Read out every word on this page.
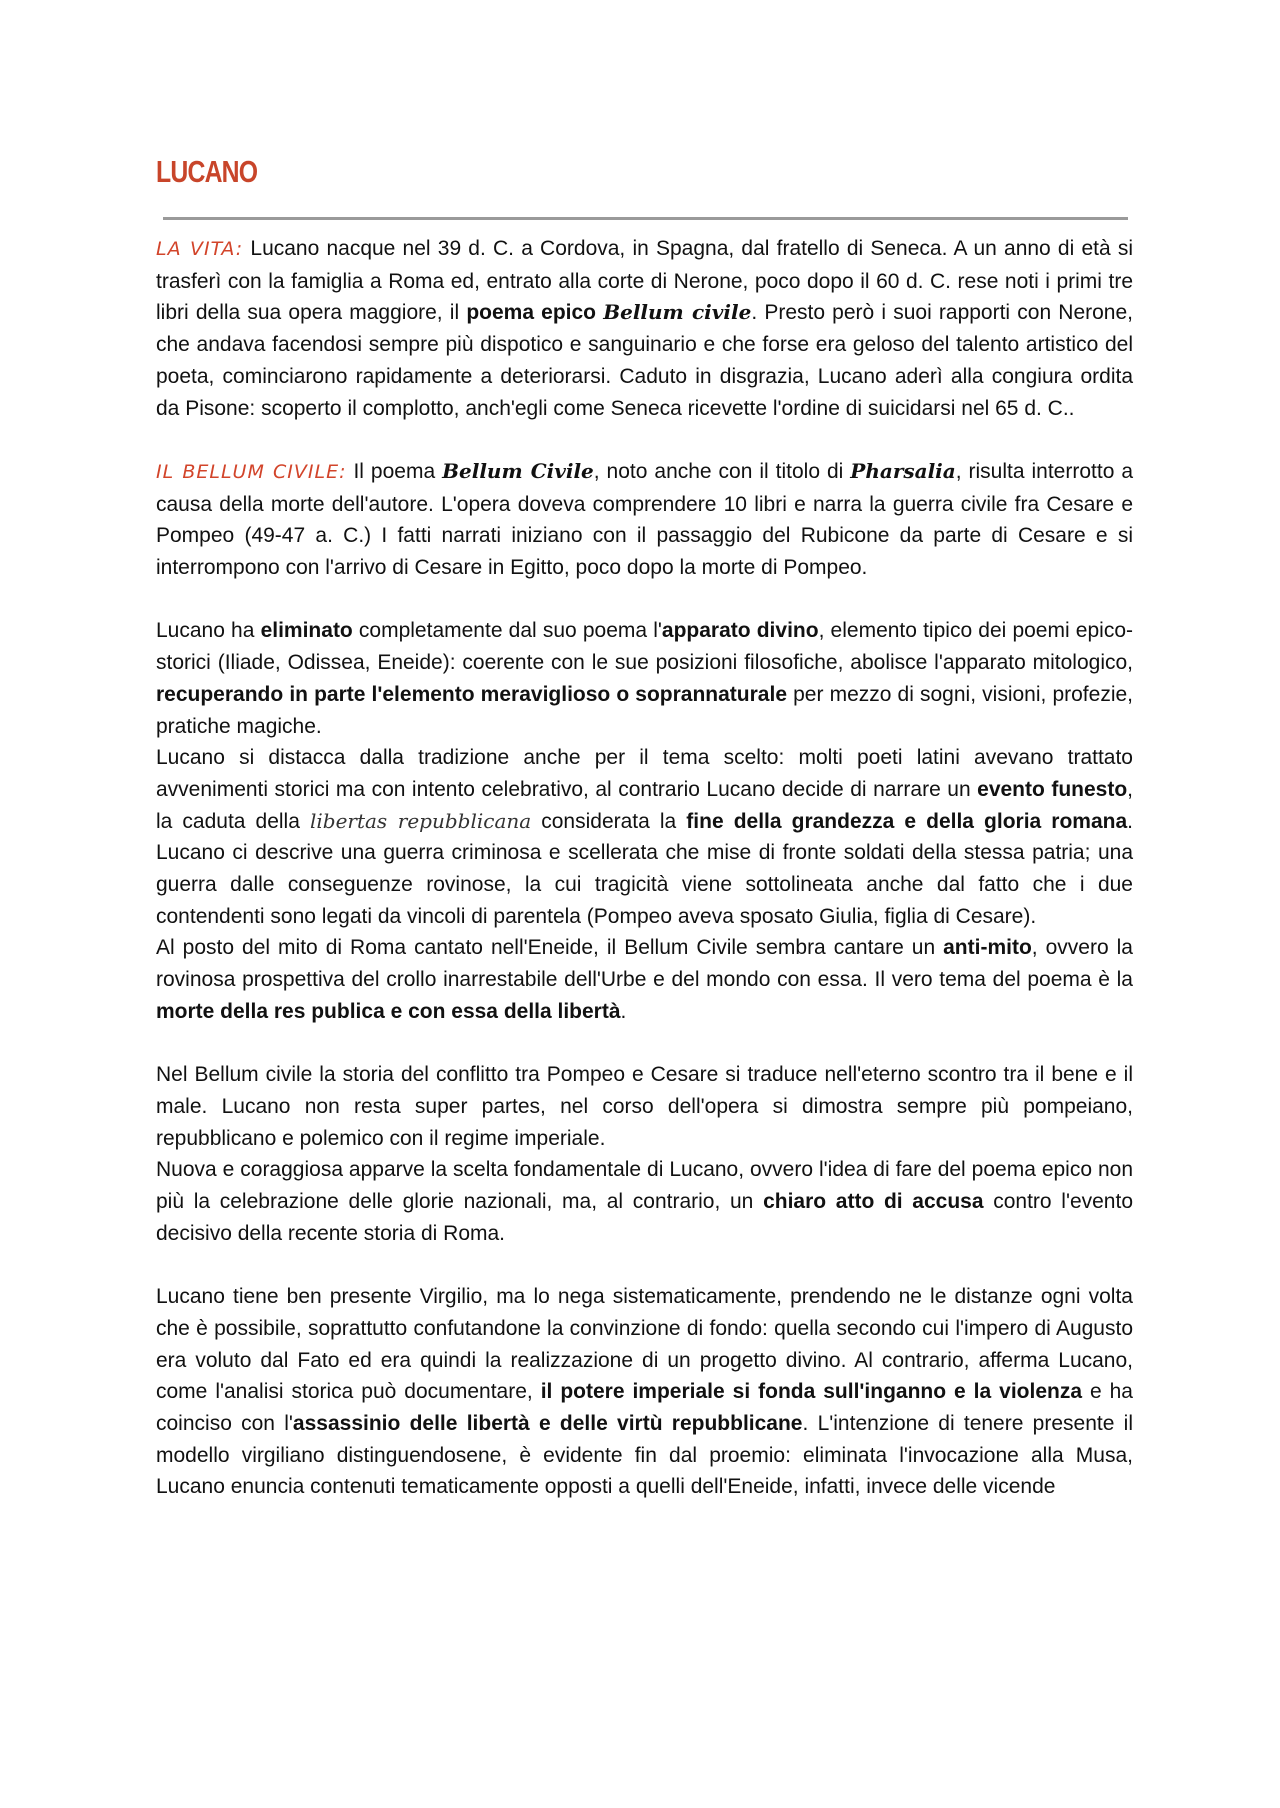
LUCANO

LA VITA: Lucano nacque nel 39 d. C. a Cordova, in Spagna, dal fratello di Seneca. A un anno di età si trasferì con la famiglia a Roma ed, entrato alla corte di Nerone, poco dopo il 60 d. C. rese noti i primi tre libri della sua opera maggiore, il poema epico Bellum civile. Presto però i suoi rapporti con Nerone, che andava facendosi sempre più dispotico e sanguinario e che forse era geloso del talento artistico del poeta, cominciarono rapidamente a deteriorarsi. Caduto in disgrazia, Lucano aderì alla congiura ordita da Pisone: scoperto il complotto, anch'egli come Seneca ricevette l'ordine di suicidarsi nel 65 d. C..

IL BELLUM CIVILE: Il poema Bellum Civile, noto anche con il titolo di Pharsalia, risulta interrotto a causa della morte dell'autore. L'opera doveva comprendere 10 libri e narra la guerra civile fra Cesare e Pompeo (49-47 a. C.) I fatti narrati iniziano con il passaggio del Rubicone da parte di Cesare e si interrompono con l'arrivo di Cesare in Egitto, poco dopo la morte di Pompeo.

Lucano ha eliminato completamente dal suo poema l'apparato divino, elemento tipico dei poemi epico-storici (Iliade, Odissea, Eneide): coerente con le sue posizioni filosofiche, abolisce l'apparato mitologico, recuperando in parte l'elemento meraviglioso o soprannaturale per mezzo di sogni, visioni, profezie, pratiche magiche.

Lucano si distacca dalla tradizione anche per il tema scelto: molti poeti latini avevano trattato avvenimenti storici ma con intento celebrativo, al contrario Lucano decide di narrare un evento funesto, la caduta della libertas repubblicana considerata la fine della grandezza e della gloria romana. Lucano ci descrive una guerra criminosa e scellerata che mise di fronte soldati della stessa patria; una guerra dalle conseguenze rovinose, la cui tragicità viene sottolineata anche dal fatto che i due contendenti sono legati da vincoli di parentela (Pompeo aveva sposato Giulia, figlia di Cesare).

Al posto del mito di Roma cantato nell'Eneide, il Bellum Civile sembra cantare un anti-mito, ovvero la rovinosa prospettiva del crollo inarrestabile dell'Urbe e del mondo con essa. Il vero tema del poema è la morte della res publica e con essa della libertà.

Nel Bellum civile la storia del conflitto tra Pompeo e Cesare si traduce nell'eterno scontro tra il bene e il male. Lucano non resta super partes, nel corso dell'opera si dimostra sempre più pompeiano, repubblicano e polemico con il regime imperiale.

Nuova e coraggiosa apparve la scelta fondamentale di Lucano, ovvero l'idea di fare del poema epico non più la celebrazione delle glorie nazionali, ma, al contrario, un chiaro atto di accusa contro l'evento decisivo della recente storia di Roma.

Lucano tiene ben presente Virgilio, ma lo nega sistematicamente, prendendo ne le distanze ogni volta che è possibile, soprattutto confutandone la convinzione di fondo: quella secondo cui l'impero di Augusto era voluto dal Fato ed era quindi la realizzazione di un progetto divino. Al contrario, afferma Lucano, come l'analisi storica può documentare, il potere imperiale si fonda sull'inganno e la violenza e ha coinciso con l'assassinio delle libertà e delle virtù repubblicane. L'intenzione di tenere presente il modello virgiliano distinguendosene, è evidente fin dal proemio: eliminata l'invocazione alla Musa, Lucano enuncia contenuti tematicamente opposti a quelli dell'Eneide, infatti, invece delle vicende
